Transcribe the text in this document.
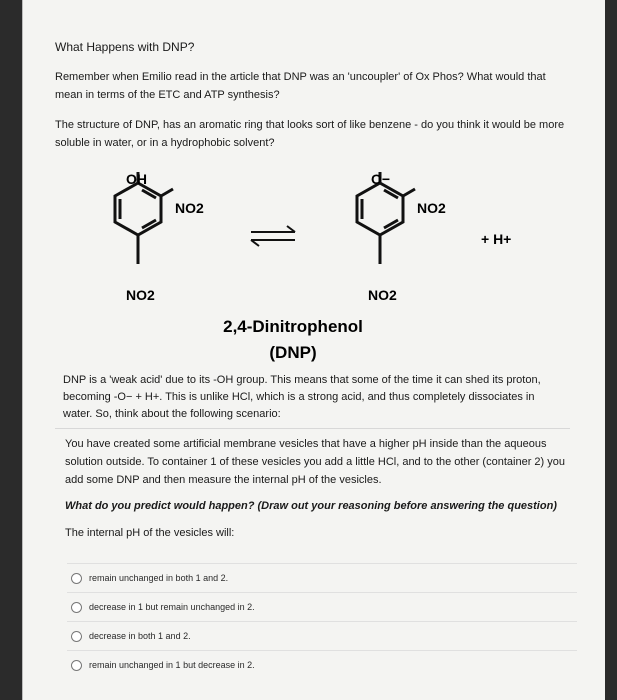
What Happens with DNP?
Remember when Emilio read in the article that DNP was an 'uncoupler' of Ox Phos? What would that mean in terms of the ETC and ATP synthesis?
The structure of DNP, has an aromatic ring that looks sort of like benzene - do you think it would be more soluble in water, or in a hydrophobic solvent?
OH
NO2
NO2
O−
NO2
NO2
+ H+
2,4-Dinitrophenol
(DNP)
DNP is a 'weak acid' due to its -OH group. This means that some of the time it can shed its proton, becoming -O− + H+. This is unlike HCl, which is a strong acid, and thus completely dissociates in water. So, think about the following scenario:
You have created some artificial membrane vesicles that have a higher pH inside than the aqueous solution outside. To container 1 of these vesicles you add a little HCl, and to the other (container 2) you add some DNP and then measure the internal pH of the vesicles.
What do you predict would happen? (Draw out your reasoning before answering the question)
The internal pH of the vesicles will:
remain unchanged in both 1 and 2.
decrease in 1 but remain unchanged in 2.
decrease in both 1 and 2.
remain unchanged in 1 but decrease in 2.
